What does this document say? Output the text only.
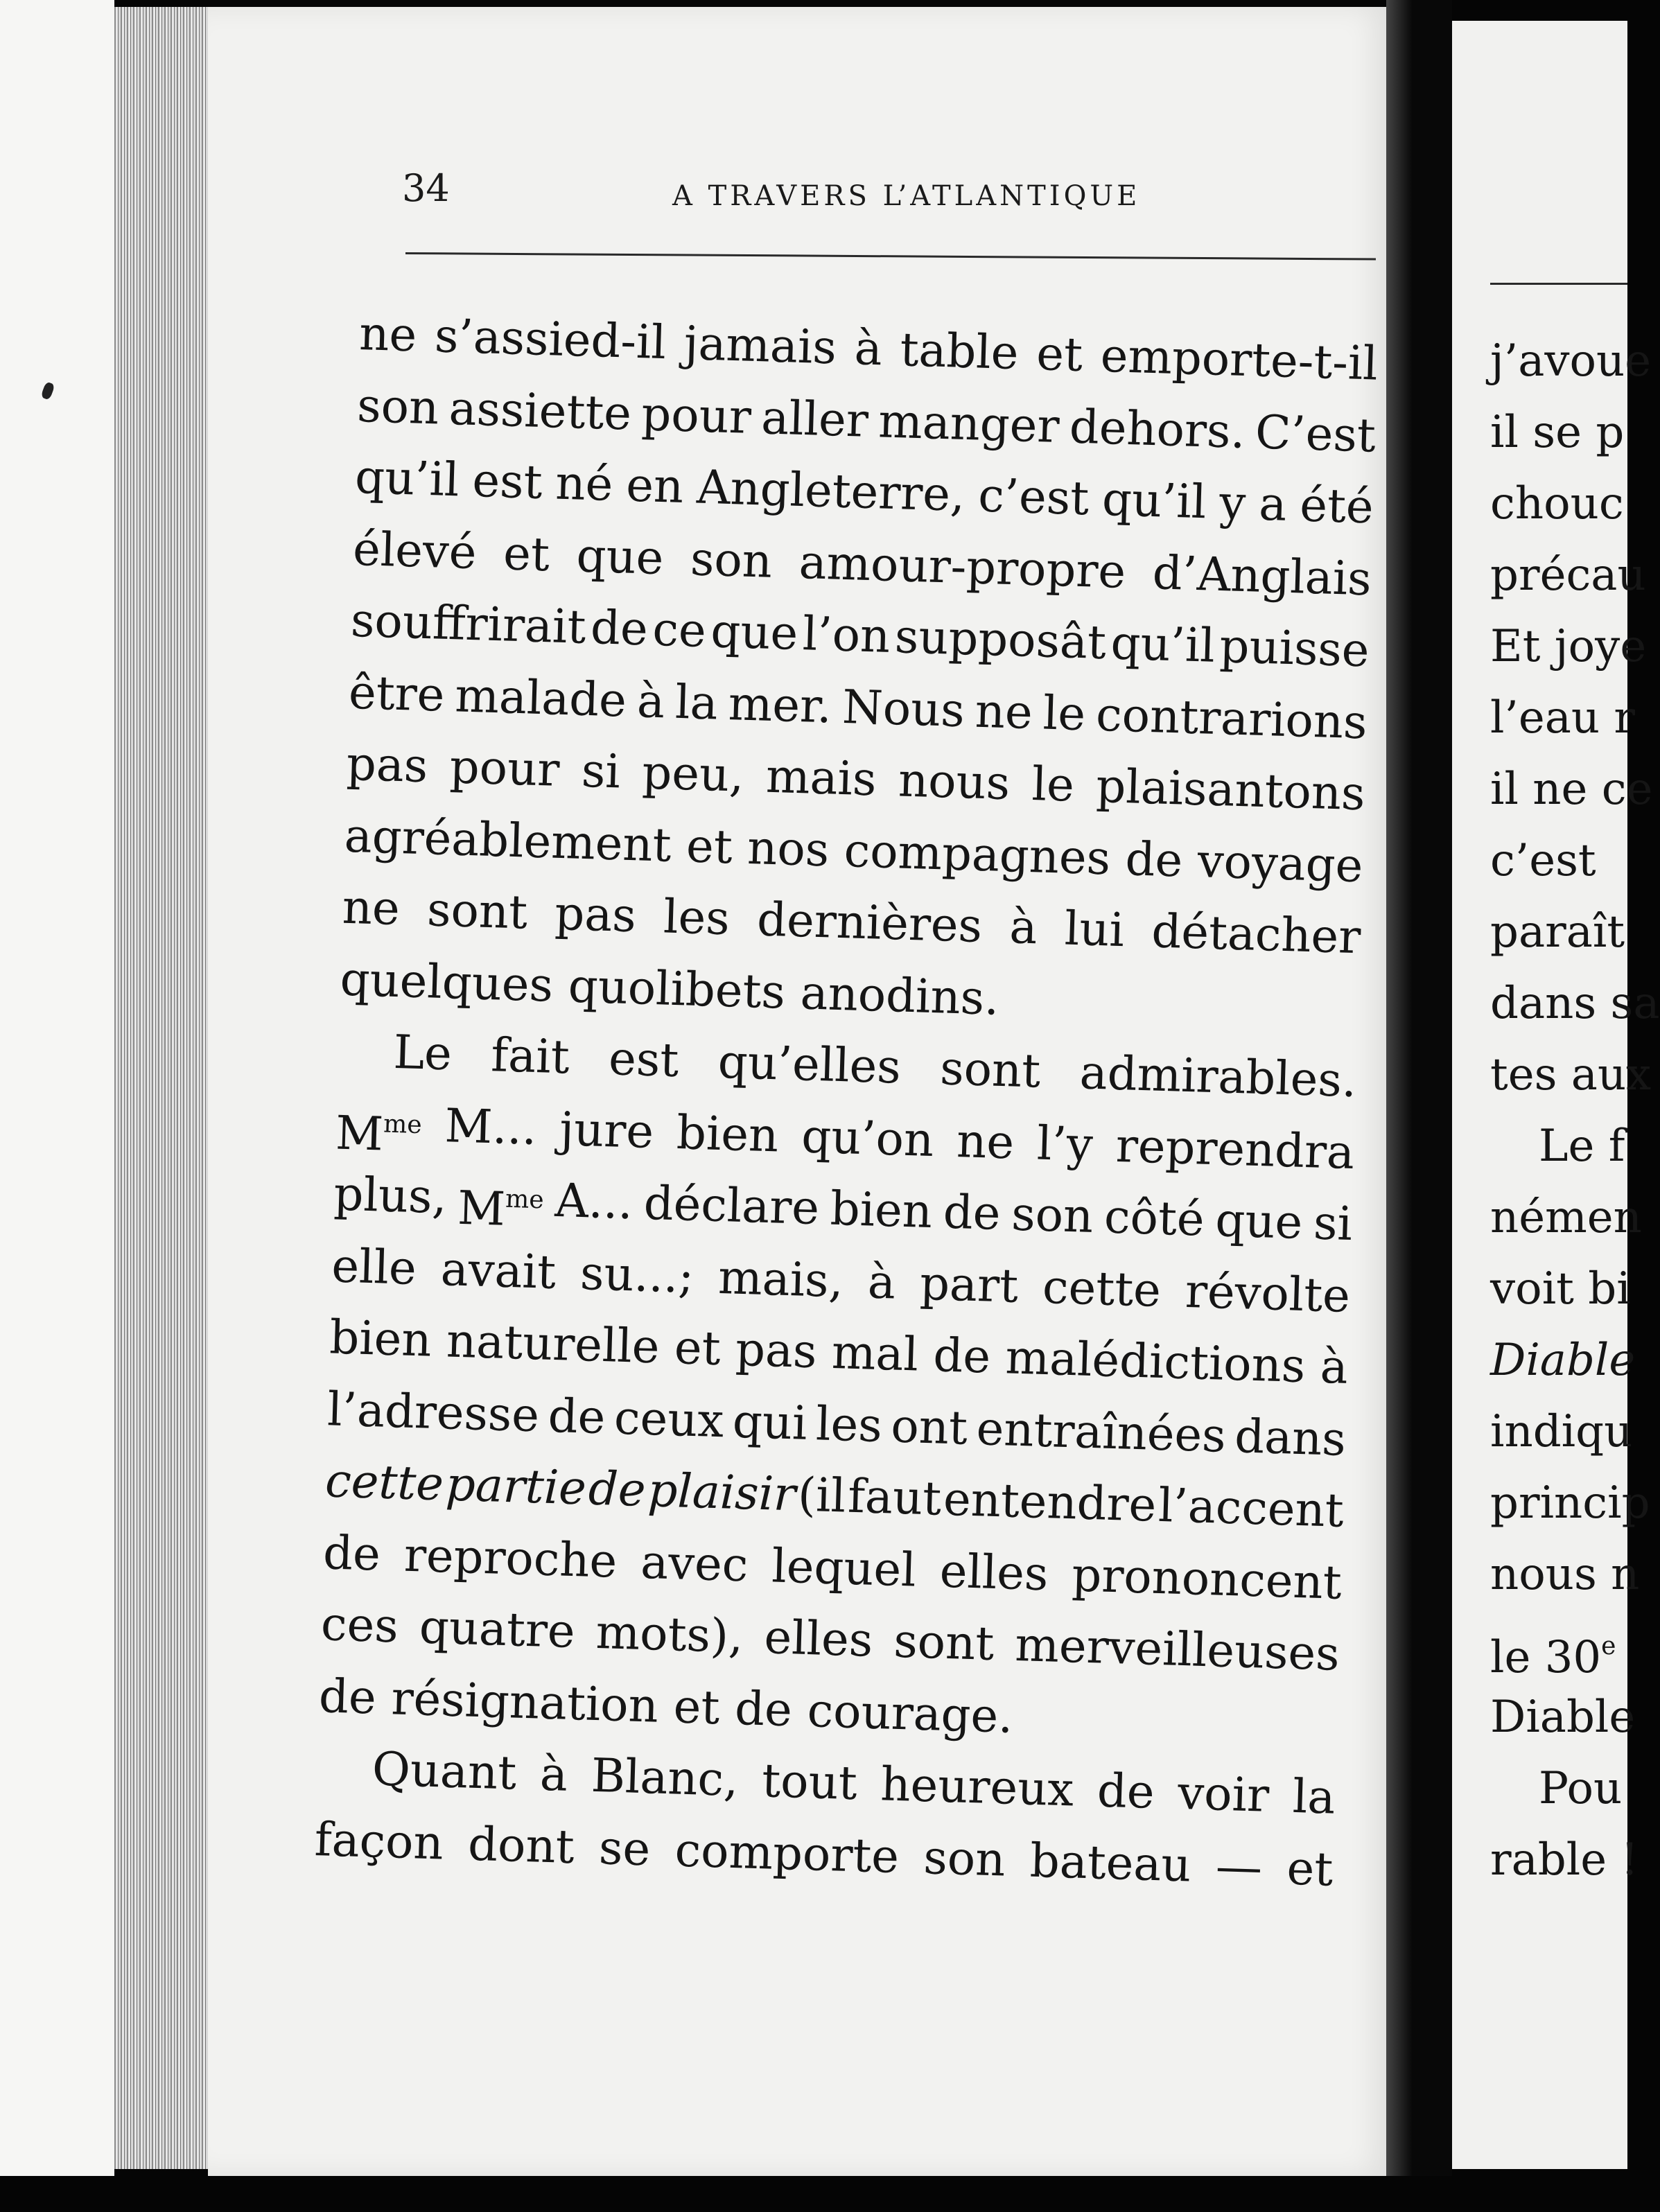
34	A TRAVERS L’ATLANTIQUE
ne s’assied-il jamais à table et emporte-t-il
son assiette pour aller manger dehors. C’est
qu’il est né en Angleterre, c’est qu’il y a été
élevé et que son amour-propre d’Anglais
souffrirait de ce que l’on supposât qu’il puisse
être malade à la mer. Nous ne le contrarions
pas pour si peu, mais nous le plaisantons
agréablement et nos compagnes de voyage
ne sont pas les dernières à lui détacher
quelques quolibets anodins.
Le fait est qu’elles sont admirables.
$M^{me}$ M... jure bien qu’on ne l’y reprendra
plus, $M^{me}$ A... déclare bien de son côté que si
elle avait su...; mais, à part cette révolte
bien naturelle et pas mal de malédictions à
l’adresse de ceux qui les ont entraînées dans
cette partie de plaisir (il faut entendre l’accent
de reproche avec lequel elles prononcent
ces quatre mots), elles sont merveilleuses
de résignation et de courage.
Quant à Blanc, tout heureux de voir la
façon dont se comporte son bateau — et
j’avoue
il se p
chouc
précau
Et joye
l’eau r
il ne ce
c’est
paraît
dans sa
tes aux
Le f
némen
voit bi
Diable
indiqu
princip
nous n
le 30e
Diable
Pou
rable !
